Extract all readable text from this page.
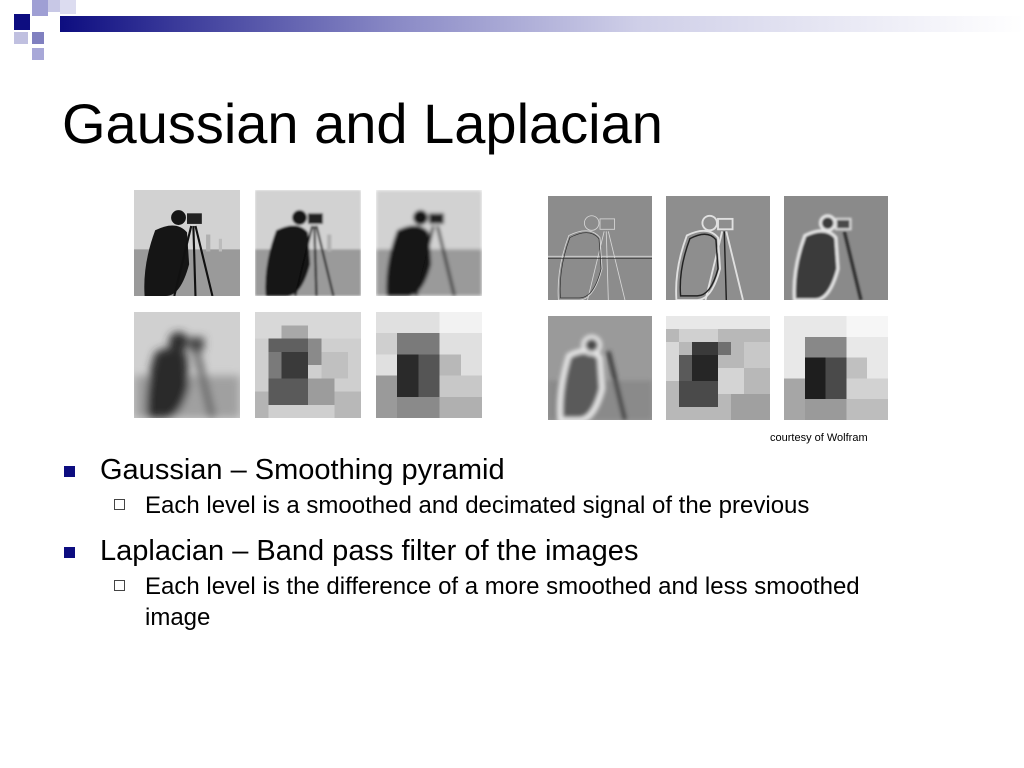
Gaussian and Laplacian
courtesy of Wolfram
Gaussian – Smoothing pyramid
Each level is a smoothed and decimated signal of the previous
Laplacian – Band pass filter of the images
Each level is the difference of a more smoothed and less smoothed image
